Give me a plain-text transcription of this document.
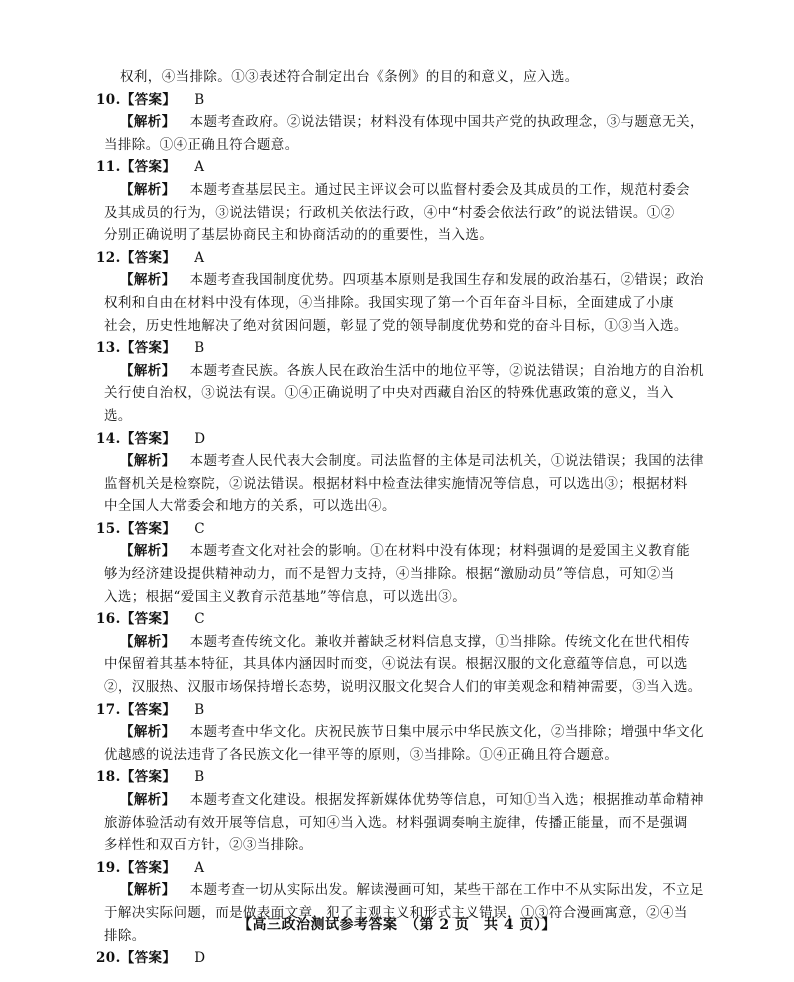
权利，④当排除。①③表述符合制定出台《条例》的目的和意义，应入选。
10.【答案】 B
【解析】 本题考查政府。②说法错误；材料没有体现中国共产党的执政理念，③与题意无关，
当排除。①④正确且符合题意。
11.【答案】 A
【解析】 本题考查基层民主。通过民主评议会可以监督村委会及其成员的工作，规范村委会
及其成员的行为，③说法错误；行政机关依法行政，④中“村委会依法行政”的说法错误。①②
分别正确说明了基层协商民主和协商活动的的重要性，当入选。
12.【答案】 A
【解析】 本题考查我国制度优势。四项基本原则是我国生存和发展的政治基石，②错误；政治
权利和自由在材料中没有体现，④当排除。我国实现了第一个百年奋斗目标，全面建成了小康
社会，历史性地解决了绝对贫困问题，彰显了党的领导制度优势和党的奋斗目标，①③当入选。
13.【答案】 B
【解析】 本题考查民族。各族人民在政治生活中的地位平等，②说法错误；自治地方的自治机
关行使自治权，③说法有误。①④正确说明了中央对西藏自治区的特殊优惠政策的意义，当入
选。
14.【答案】 D
【解析】 本题考查人民代表大会制度。司法监督的主体是司法机关，①说法错误；我国的法律
监督机关是检察院，②说法错误。根据材料中检查法律实施情况等信息，可以选出③；根据材料
中全国人大常委会和地方的关系，可以选出④。
15.【答案】 C
【解析】 本题考查文化对社会的影响。①在材料中没有体现；材料强调的是爱国主义教育能
够为经济建设提供精神动力，而不是智力支持，④当排除。根据“激励动员”等信息，可知②当
入选；根据“爱国主义教育示范基地”等信息，可以选出③。
16.【答案】 C
【解析】 本题考查传统文化。兼收并蓄缺乏材料信息支撑，①当排除。传统文化在世代相传
中保留着其基本特征，其具体内涵因时而变，④说法有误。根据汉服的文化意蕴等信息，可以选
②，汉服热、汉服市场保持增长态势，说明汉服文化契合人们的审美观念和精神需要，③当入选。
17.【答案】 B
【解析】 本题考查中华文化。庆祝民族节日集中展示中华民族文化，②当排除；增强中华文化
优越感的说法违背了各民族文化一律平等的原则，③当排除。①④正确且符合题意。
18.【答案】 B
【解析】 本题考查文化建设。根据发挥新媒体优势等信息，可知①当入选；根据推动革命精神
旅游体验活动有效开展等信息，可知④当入选。材料强调奏响主旋律，传播正能量，而不是强调
多样性和双百方针，②③当排除。
19.【答案】 A
【解析】 本题考查一切从实际出发。解读漫画可知，某些干部在工作中不从实际出发，不立足
于解决实际问题，而是做表面文章，犯了主观主义和形式主义错误，①③符合漫画寓意，②④当
排除。
20.【答案】 D
【高三政治测试参考答案　（第 2 页　共 4 页）】
